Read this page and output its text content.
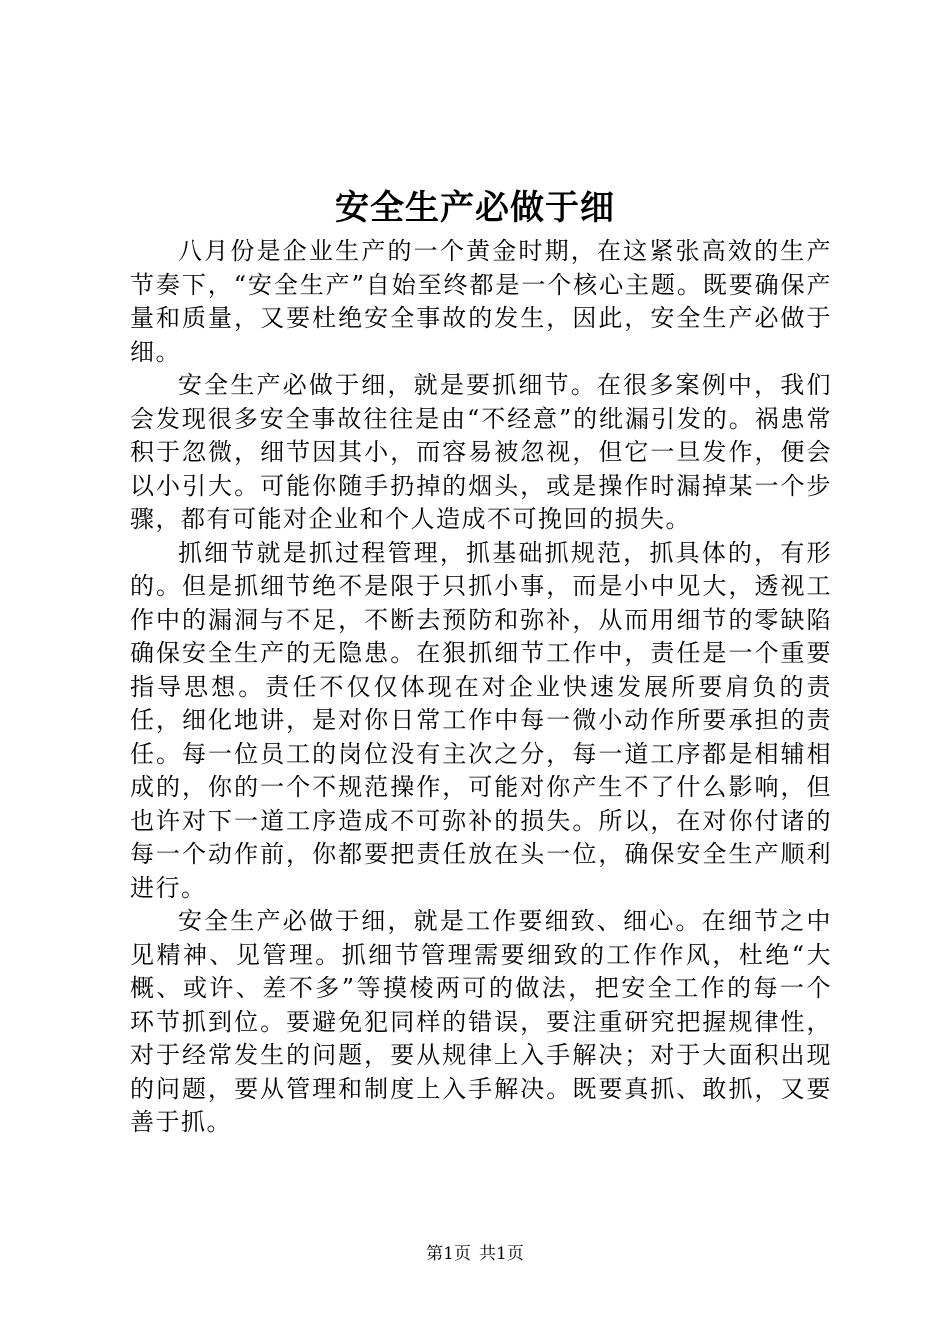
安全生产必做于细

八月份是企业生产的一个黄金时期，在这紧张高效的生产节奏下，“安全生产”自始至终都是一个核心主题。既要确保产量和质量，又要杜绝安全事故的发生，因此，安全生产必做于细。

安全生产必做于细，就是要抓细节。在很多案例中，我们会发现很多安全事故往往是由“不经意”的纰漏引发的。祸患常积于忽微，细节因其小，而容易被忽视，但它一旦发作，便会以小引大。可能你随手扔掉的烟头，或是操作时漏掉某一个步骤，都有可能对企业和个人造成不可挽回的损失。

抓细节就是抓过程管理，抓基础抓规范，抓具体的，有形的。但是抓细节绝不是限于只抓小事，而是小中见大，透视工作中的漏洞与不足，不断去预防和弥补，从而用细节的零缺陷确保安全生产的无隐患。在狠抓细节工作中，责任是一个重要指导思想。责任不仅仅体现在对企业快速发展所要肩负的责任，细化地讲，是对你日常工作中每一微小动作所要承担的责任。每一位员工的岗位没有主次之分，每一道工序都是相辅相成的，你的一个不规范操作，可能对你产生不了什么影响，但也许对下一道工序造成不可弥补的损失。所以，在对你付诸的每一个动作前，你都要把责任放在头一位，确保安全生产顺利进行。

安全生产必做于细，就是工作要细致、细心。在细节之中见精神、见管理。抓细节管理需要细致的工作作风，杜绝“大概、或许、差不多”等摸棱两可的做法，把安全工作的每一个环节抓到位。要避免犯同样的错误，要注重研究把握规律性，对于经常发生的问题，要从规律上入手解决；对于大面积出现的问题，要从管理和制度上入手解决。既要真抓、敢抓，又要善于抓。

第1页 共1页
